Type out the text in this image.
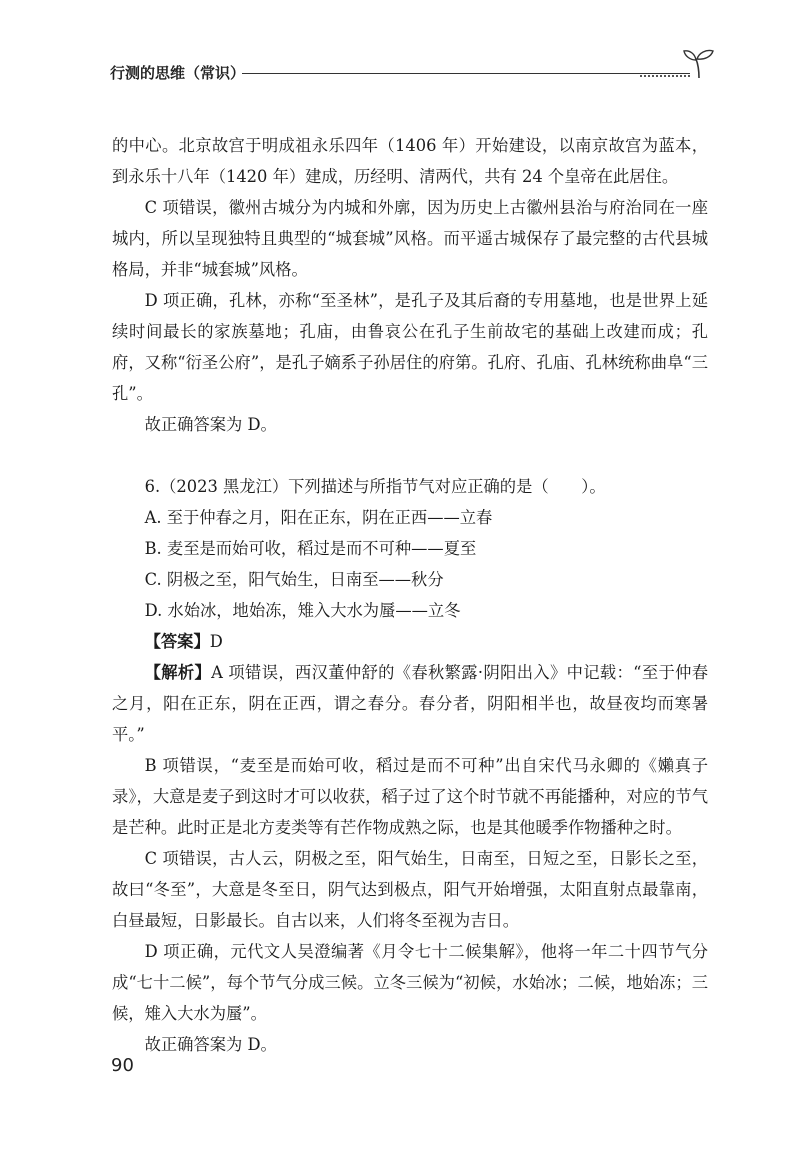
行测的思维（常识）

的中心。北京故宫于明成祖永乐四年（1406 年）开始建设，以南京故宫为蓝本，到永乐十八年（1420 年）建成，历经明、清两代，共有 24 个皇帝在此居住。

C 项错误，徽州古城分为内城和外廓，因为历史上古徽州县治与府治同在一座城内，所以呈现独特且典型的“城套城”风格。而平遥古城保存了最完整的古代县城格局，并非“城套城”风格。

D 项正确，孔林，亦称“至圣林”，是孔子及其后裔的专用墓地，也是世界上延续时间最长的家族墓地；孔庙，由鲁哀公在孔子生前故宅的基础上改建而成；孔府，又称“衍圣公府”，是孔子嫡系子孙居住的府第。孔府、孔庙、孔林统称曲阜“三孔”。

故正确答案为 D。

6.（2023 黑龙江）下列描述与所指节气对应正确的是（　　）。

A. 至于仲春之月，阳在正东，阴在正西——立春
B. 麦至是而始可收，稻过是而不可种——夏至
C. 阴极之至，阳气始生，日南至——秋分
D. 水始冰，地始冻，雉入大水为蜃——立冬
【答案】D

【解析】A 项错误，西汉董仲舒的《春秋繁露·阴阳出入》中记载：“至于仲春之月，阳在正东，阴在正西，谓之春分。春分者，阴阳相半也，故昼夜均而寒暑平。”

B 项错误，“麦至是而始可收，稻过是而不可种”出自宋代马永卿的《嬾真子录》，大意是麦子到这时才可以收获，稻子过了这个时节就不再能播种，对应的节气是芒种。此时正是北方麦类等有芒作物成熟之际，也是其他暖季作物播种之时。

C 项错误，古人云，阴极之至，阳气始生，日南至，日短之至，日影长之至，故曰“冬至”，大意是冬至日，阴气达到极点，阳气开始增强，太阳直射点最靠南，白昼最短，日影最长。自古以来，人们将冬至视为吉日。

D 项正确，元代文人吴澄编著《月令七十二候集解》，他将一年二十四节气分成“七十二候”，每个节气分成三候。立冬三候为“初候，水始冰；二候，地始冻；三候，雉入大水为蜃”。

故正确答案为 D。

90
